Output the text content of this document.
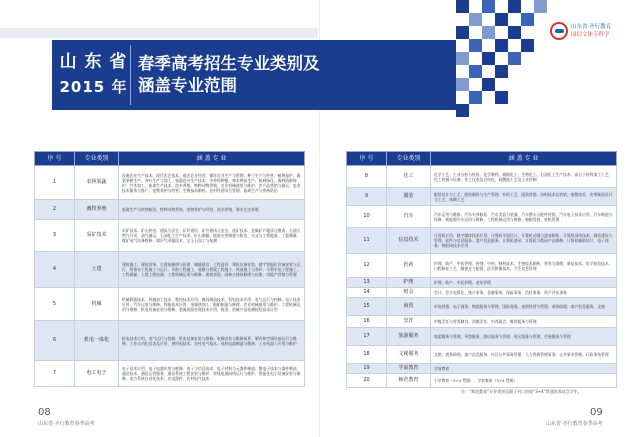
山 东 省
2015 年
春季高考招生专业类别及
涵盖专业范围
山东省·齐行教育
国信文体专科学
序 号	专业类别	涵 盖 专 业
1	农林果蔬	设施农业生产技术、现代农艺技术、观光农业经营、循环农业生产与管理、种子生产与经营、植物保护、蔬菜果树生产、茶叶生产与加工、果蔬花卉生产技术、中草药种植、林木种苗生产、园林绿化、森林资源保护、竹木加工、畜禽生产技术、淡水养殖、特种动物养殖、农业机械使用与维护、农产品营销与储运、农业技术服务与推广、宠物养护与经营、生物技术制药、农村经济综合管理、畜禽生产与疾病防治
2	畜牧养殖	畜禽生产与疾病防治、特种动物养殖、宠物养护与经营、淡水养殖、海水生态养殖
3	采矿技术	采矿技术、矿山机电、通风与安全、矿井建设、矿井通风与安全、选矿技术、金属矿产地质与勘查、石油天然气开采、油气储运、石油化工生产技术、矿山测量、地质灾害调查与防治、水文与工程地质、工程测量、煤矿电气设备维修、煤层气采输技术、宝玉石加工与检测
4	土建	建筑施工、建筑装饰、古建筑修缮与仿建、城镇建设、工程造价、建筑设备安装、楼宇智能化设备安装与运行、给排水工程施工与运行、市政工程施工、道路与桥梁工程施工、铁道施工与养护、水利水电工程施工、工程测量、土建工程检测、工程机械运用与维修、建筑表现、园林古建筑修缮与仿建、房地产营销与管理
5	机械	机械制造技术、机械加工技术、数控技术应用、模具制造技术、机电技术应用、电气运行与控制、电子技术应用、汽车运用与维修、焊接技术应用、金属热加工、船舶制造与修理、农业机械使用与维护、工程机械运用与维修、机电设备安装与维修、金属表面处理技术应用、钣金、机械产品检测检验技术应用
6	机电一体化	机电技术应用、电气运行与控制、机电设备安装与维修、电梯安装与维修保养、制冷和空调设备运行与维修、工业自动化仪表及应用、供用电技术、农村电气技术、电机电器制造与维修、工业机器人应用与维护
7	电工电子	电子技术应用、电子电器应用与维修、电子与信息技术、电子材料与元器件制造、微电子技术与器件制造、通信技术、通信运营服务、通信系统工程安装与维护、有线电视网络运行与维护、智能化电子设备安装与维修、电力系统自动化技术、光电器件、农村电气技术
序 号	专业类别	涵 盖 专 业
8	化工	化学工艺、工业分析与检验、化学制药、精细化工、生物化工、石油化工生产技术、高分子材料加工工艺、化工机械与设备、化工仪表及自动化、硅酸盐工艺及工业控制
9	服装	服装设计与工艺、服装制作与生产管理、针织工艺、服装营销、纺织技术及营销、染整技术、皮革制品设计与工艺、丝绸工艺
10	汽车	汽车运用与维修、汽车车身修复、汽车美容与装潢、汽车整车与配件营销、汽车电子技术应用、汽车制造与检修、新能源汽车运用与维修、工程机械运用与维修、船舶驾驶、轮机管理
11	信息技术	计算机应用、数字媒体技术应用、计算机平面设计、计算机动漫与游戏制作、计算机网络技术、网站建设与管理、软件与信息服务、客户信息服务、计算机速录、计算机与数码产品维修、计算机辅助设计、电子商务、物联网技术应用
12	医药	护理、助产、中医护理、药剂、中药、制药技术、生物技术制药、营养与保健、康复技术、医学检验技术、口腔修复工艺、眼视光与配镜、医学影像技术、卫生信息管理
13	护理	护理、助产、中医护理、老年护理
14	财会	会计、会计电算化、统计事务、金融事务、保险事务、信托事务、资产评估事务
15	商贸	市场营销、电子商务、物流服务与管理、国际商务、连锁经营与管理、商务助理、客户信息服务、文秘
16	烹饪	中餐烹饪与营养膳食、西餐烹饪、中西面点、餐饮服务与管理
17	旅游服务	旅游服务与管理、导游服务、酒店服务与管理、景区服务与管理、会展服务与管理
18	文秘服务	文秘、商务助理、客户信息服务、社区公共事务管理、人力资源管理事务、公共事业管理、行政事务管理
19	学前教育	学前教育
20	师范教育	小学教育（3+4 贯通）、学前教育（3+4 贯通）
注：“师范教育”专业类别仅限于对口招收“3+4”贯通培养试点学生。
08
山东省·齐行教育春季高考
09
山东省·齐行教育春季高考
